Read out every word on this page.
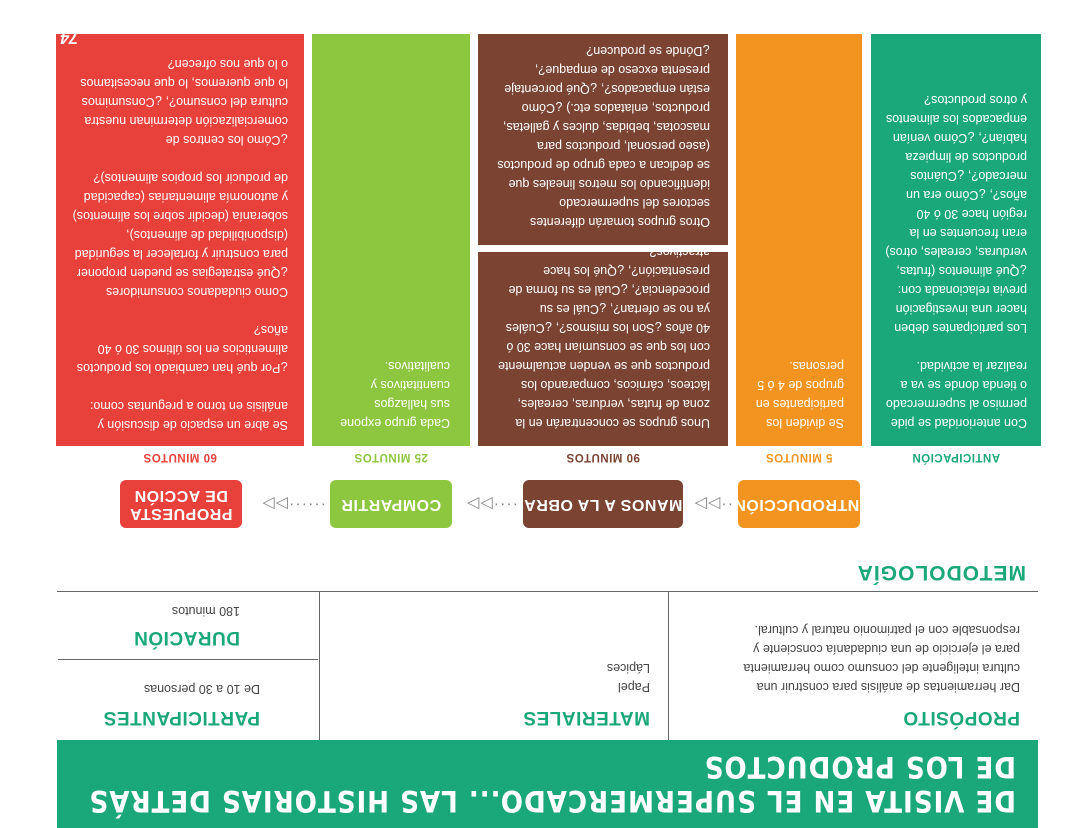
DE VISITA EN EL SUPERMERCADO... LAS HISTORIAS DETRÁS DE LOS PRODUCTOS
PROPÓSITO
Dar herramientas de análisis para construir una cultura inteligente del consumo como herramienta para el ejercicio de una ciudadanía consciente y responsable con el patrimonio natural y cultural.
MATERIALES
Papel
Lápices
PARTICIPANTES
De 10 a 30 personas
DURACIÓN
180 minutos
METODOLOGÍA
INTRODUCCIÓN
··
▷▷
MANOS A LA OBRA
····
▷▷
COMPARTIR
······
▷▷
PROPUESTA DE ACCIÓN
ANTICIPACIÓN
5 MINUTOS
90 MINUTOS
25 MINUTOS
60 MINUTOS
Con anterioridad se pide permiso al supermercado o tienda donde se va a realizar la actividad.
Los participantes deben hacer una investigación previa relacionada con: ¿Qué alimentos (frutas, verduras, cereales, otros) eran frecuentes en la región hace 30 ó 40 años?, ¿Cómo era un mercado?, ¿Cuántos productos de limpieza habían?, ¿Cómo venían empacados los alimentos y otros productos?
Se dividen los participantes en grupos de 4 ó 5 personas.
Unos grupos se concentrarán en la zona de frutas, verduras, cereales, lácteos, cárnicos, comparando los productos que se venden actualmente con los que se consumían hace 30 ó 40 años ¿Son los mismos?, ¿Cuáles ya no se ofertan?, ¿Cuál es su procedencia?, ¿Cuál es su forma de presentación?, ¿Qué los hace atractivos?
Otros grupos tomarán diferentes sectores del supermercado identificando los metros lineales que se dedican a cada grupo de productos (aseo personal, productos para mascotas, bebidas, dulces y galletas, productos, enlatados etc.) ¿Cómo están empacados?, ¿Qué porcentaje presenta exceso de empaque?, ¿Dónde se producen?
Cada grupo expone sus hallazgos cuantitativos y cualitativos.
Se abre un espacio de discusión y análisis en torno a preguntas como:
¿Por qué han cambiado los productos alimenticios en los últimos 30 ó 40 años?
Como ciudadanos consumidores ¿Qué estrategias se pueden proponer para construir y fortalecer la seguridad (disponibilidad de alimentos), soberanía (decidir sobre los alimentos) y autonomía alimentarias (capacidad de producir los propios alimentos)?
¿Cómo los centros de comercialización determinan nuestra cultura del consumo?, ¿Consumimos lo que queremos, lo que necesitamos o lo que nos ofrecen?
¿Qué papel juegan los empaques en la comercialización de productos?,
74
